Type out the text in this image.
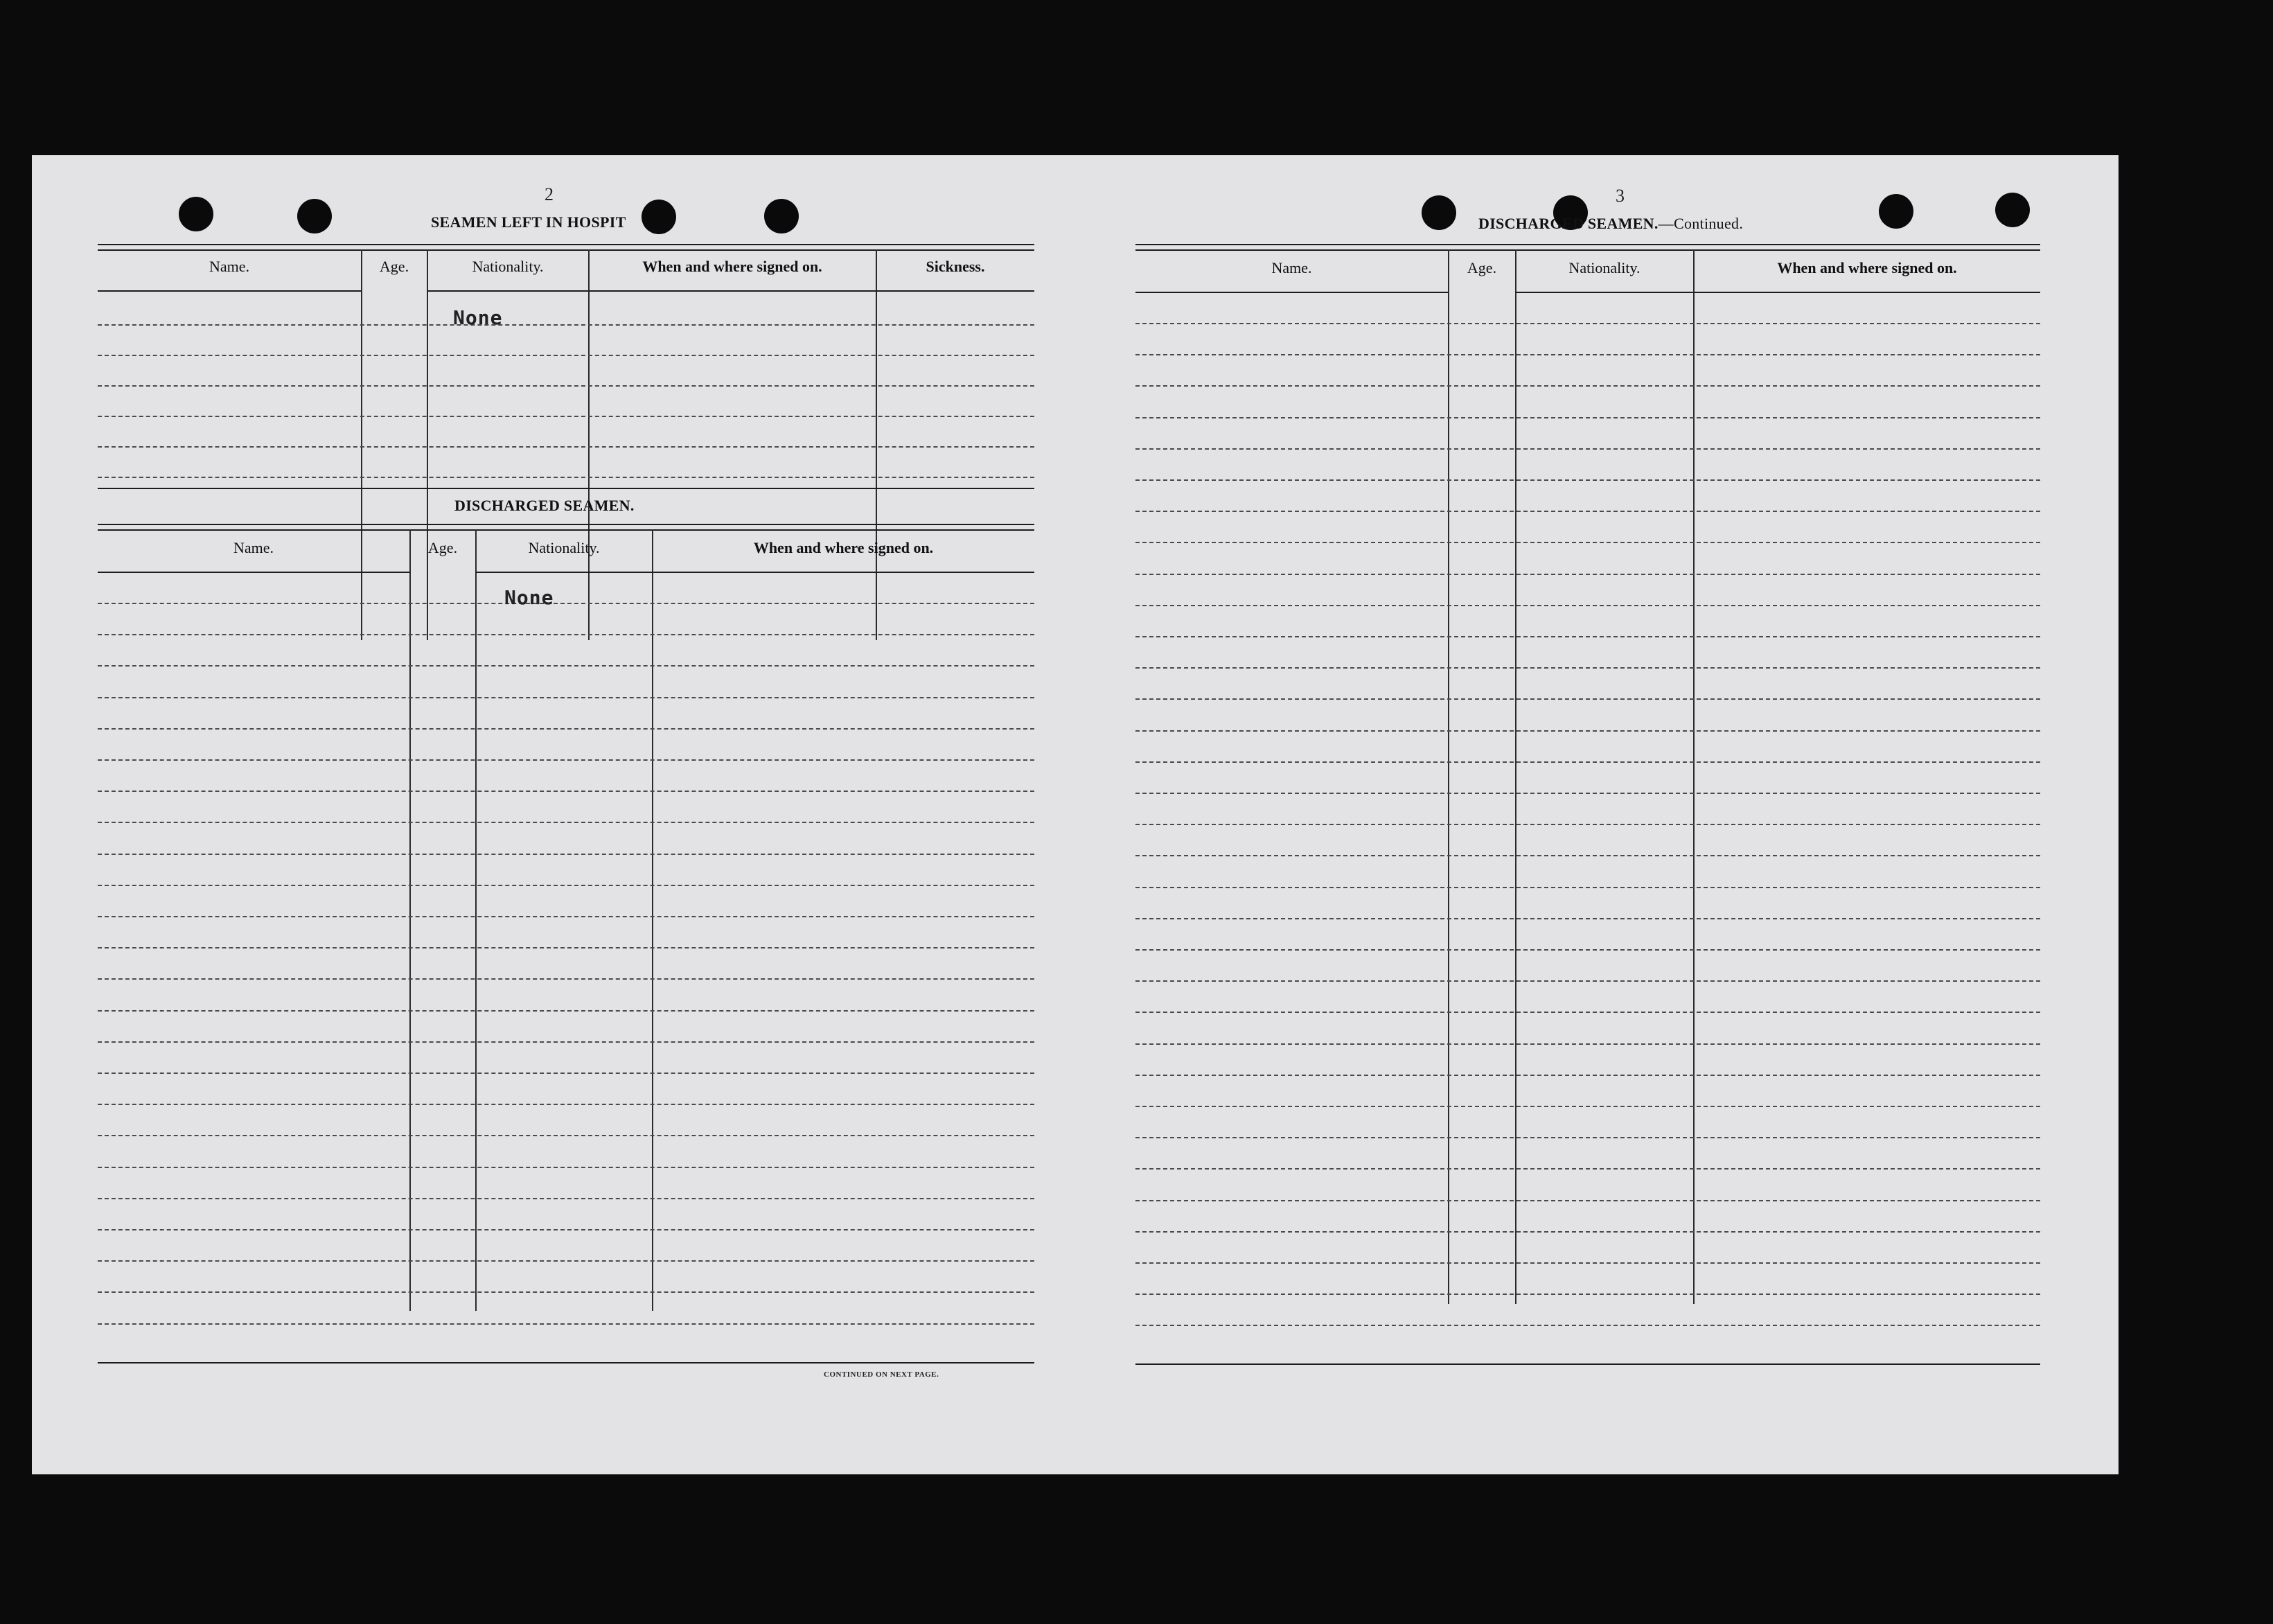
2
SEAMEN LEFT IN HOSPIT
Name.	Age.	Nationality.	When and where signed on.	Sickness.
None
DISCHARGED SEAMEN.
Name.	Age.	Nationality.	When and where signed on.
None
CONTINUED ON NEXT PAGE.
3
DISCHARGED SEAMEN.—Continued.
Name.	Age.	Nationality.	When and where signed on.
